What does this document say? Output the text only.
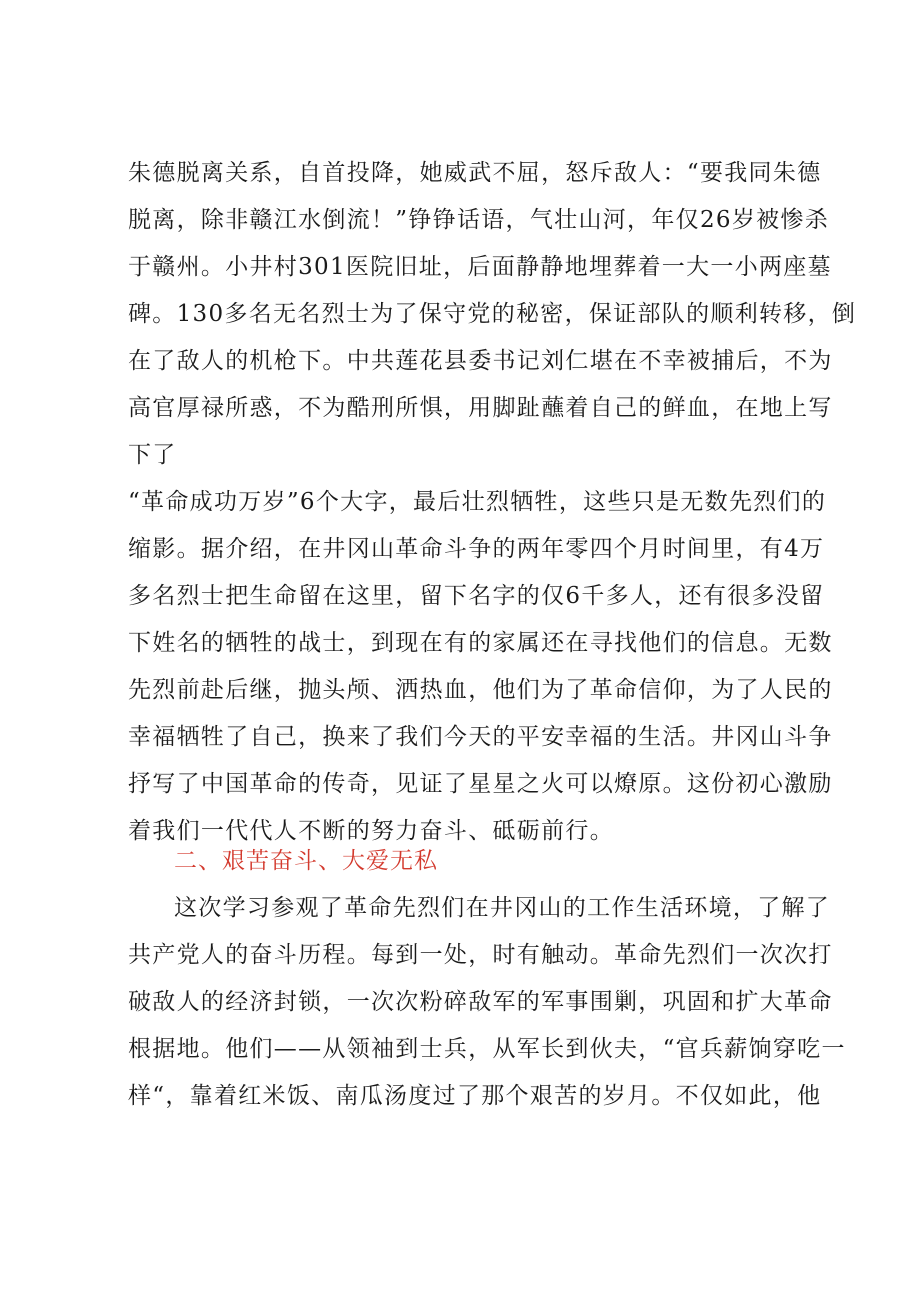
朱德脱离关系，自首投降，她威武不屈，怒斥敌人：“要我同朱德
脱离，除非赣江水倒流！”铮铮话语，气壮山河，年仅26岁被惨杀
于赣州。小井村301医院旧址，后面静静地埋葬着一大一小两座墓
碑。130多名无名烈士为了保守党的秘密，保证部队的顺利转移，倒
在了敌人的机枪下。中共莲花县委书记刘仁堪在不幸被捕后，不为
高官厚禄所惑，不为酷刑所惧，用脚趾蘸着自己的鲜血，在地上写
下了
“革命成功万岁”6个大字，最后壮烈牺牲，这些只是无数先烈们的
缩影。据介绍，在井冈山革命斗争的两年零四个月时间里，有4万
多名烈士把生命留在这里，留下名字的仅6千多人，还有很多没留
下姓名的牺牲的战士，到现在有的家属还在寻找他们的信息。无数
先烈前赴后继，抛头颅、洒热血，他们为了革命信仰，为了人民的
幸福牺牲了自己，换来了我们今天的平安幸福的生活。井冈山斗争
抒写了中国革命的传奇，见证了星星之火可以燎原。这份初心激励
着我们一代代人不断的努力奋斗、砥砺前行。
二、艰苦奋斗、大爱无私
这次学习参观了革命先烈们在井冈山的工作生活环境，了解了
共产党人的奋斗历程。每到一处，时有触动。革命先烈们一次次打
破敌人的经济封锁，一次次粉碎敌军的军事围剿，巩固和扩大革命
根据地。他们——从领袖到士兵，从军长到伙夫，“官兵薪饷穿吃一
样“，靠着红米饭、南瓜汤度过了那个艰苦的岁月。不仅如此，他
